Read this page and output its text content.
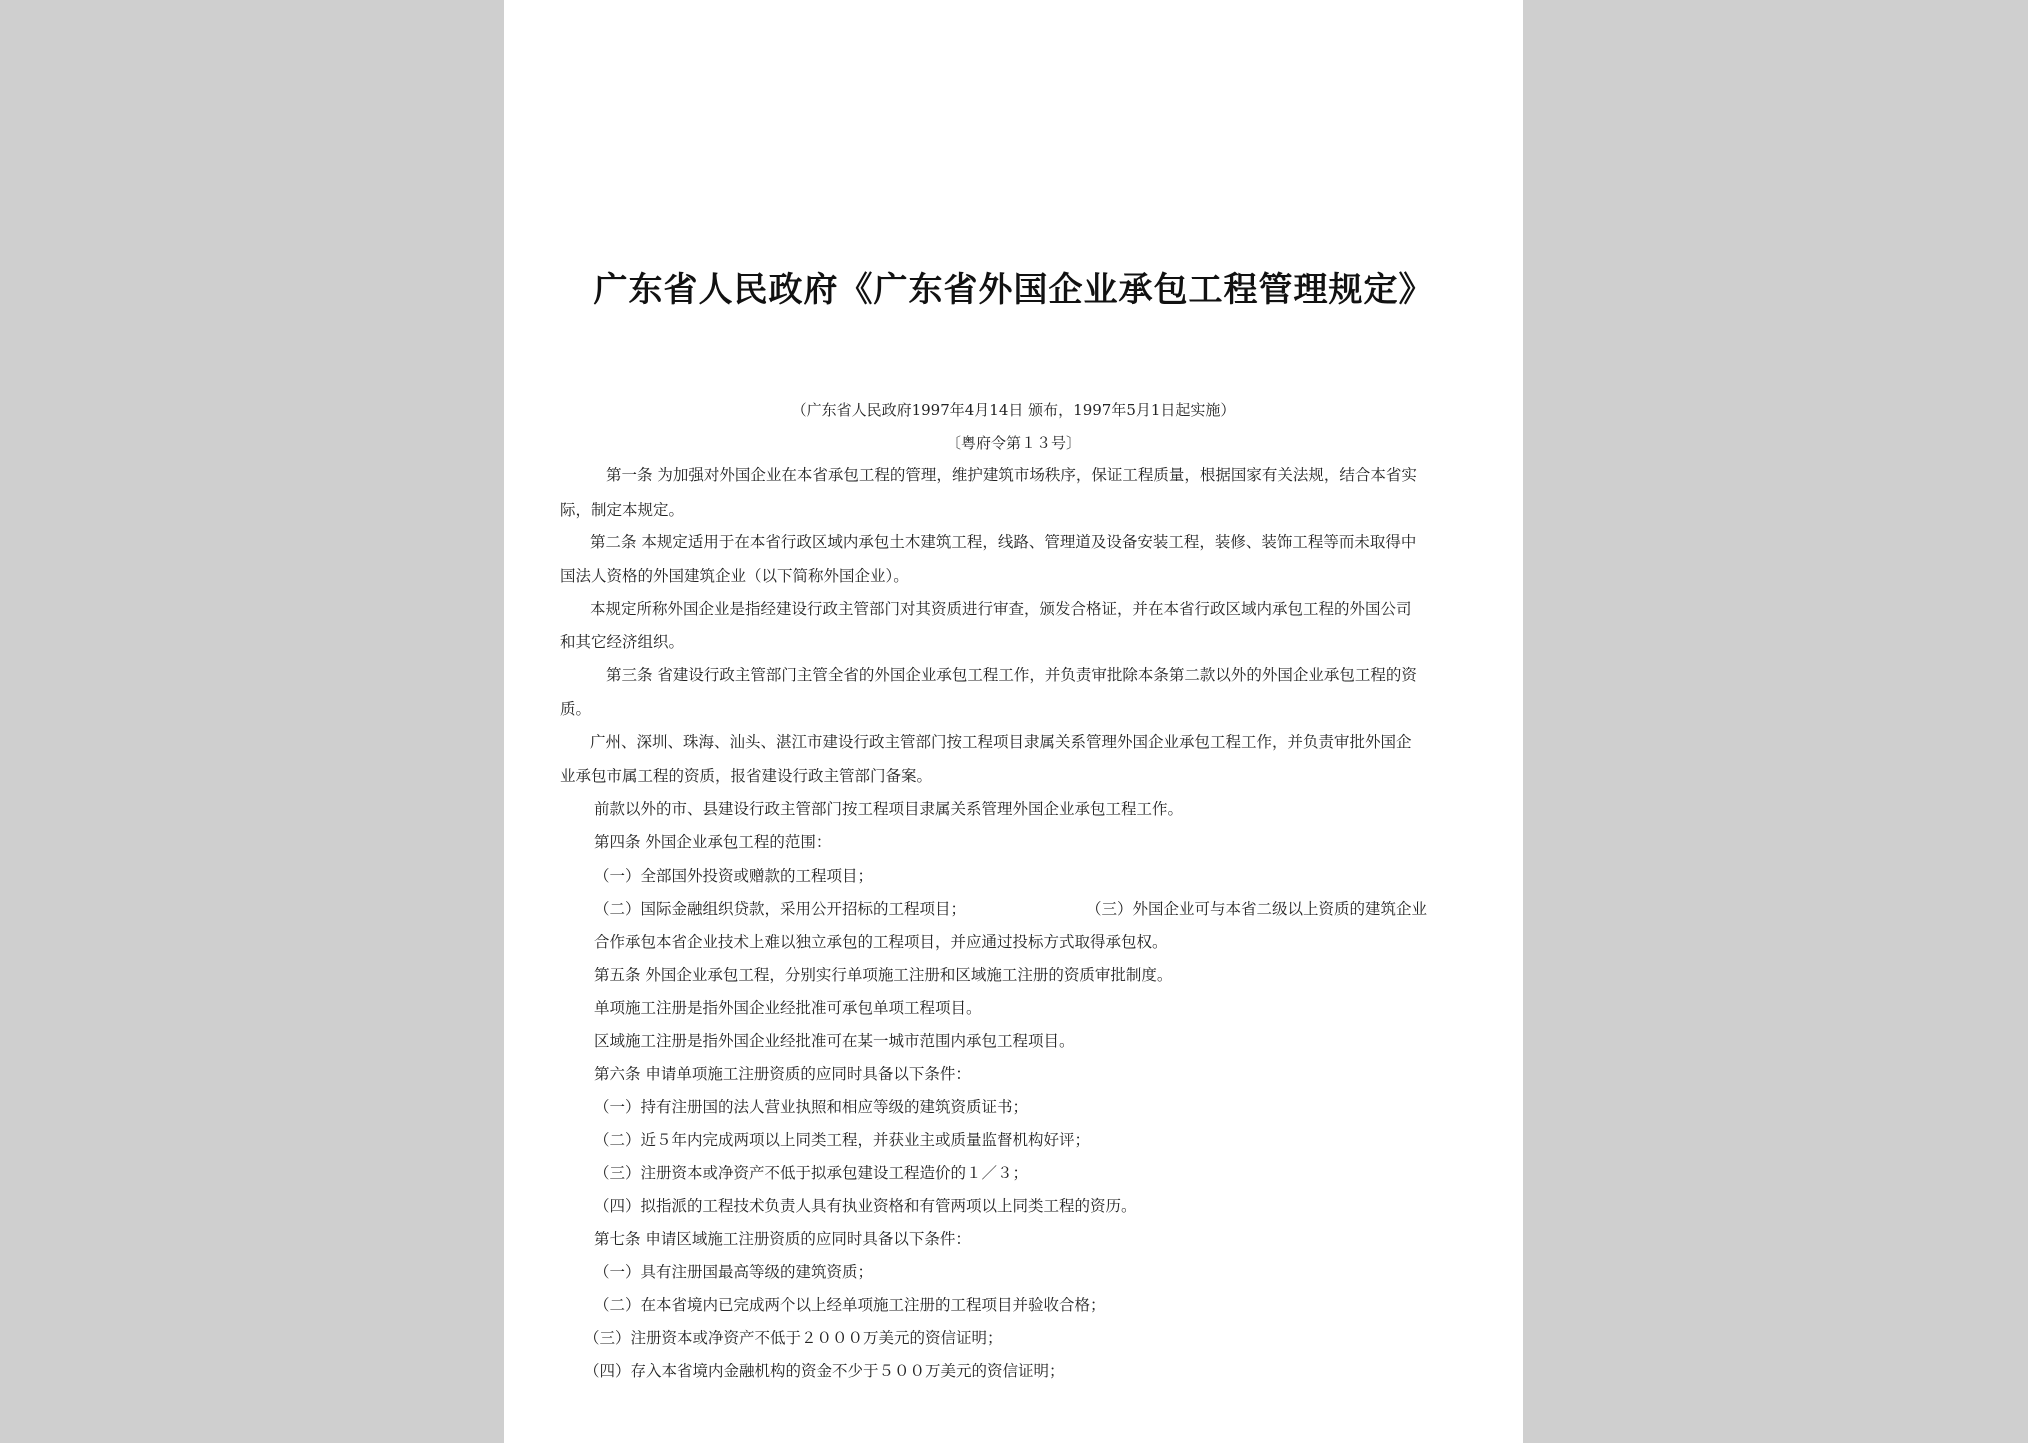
广东省人民政府《广东省外国企业承包工程管理规定》
（广东省人民政府1997年4月14日 颁布，1997年5月1日起实施）
〔粤府令第１３号〕
第一条 为加强对外国企业在本省承包工程的管理，维护建筑市场秩序，保证工程质量，根据国家有关法规，结合本省实
际，制定本规定。
第二条 本规定适用于在本省行政区域内承包土木建筑工程，线路、管理道及设备安装工程，装修、装饰工程等而未取得中
国法人资格的外国建筑企业（以下简称外国企业）。
本规定所称外国企业是指经建设行政主管部门对其资质进行审查，颁发合格证，并在本省行政区域内承包工程的外国公司
和其它经济组织。
第三条 省建设行政主管部门主管全省的外国企业承包工程工作，并负责审批除本条第二款以外的外国企业承包工程的资
质。
广州、深圳、珠海、汕头、湛江市建设行政主管部门按工程项目隶属关系管理外国企业承包工程工作，并负责审批外国企
业承包市属工程的资质，报省建设行政主管部门备案。
前款以外的市、县建设行政主管部门按工程项目隶属关系管理外国企业承包工程工作。
第四条 外国企业承包工程的范围：
（一）全部国外投资或赠款的工程项目；
（二）国际金融组织贷款，采用公开招标的工程项目；	（三）外国企业可与本省二级以上资质的建筑企业
合作承包本省企业技术上难以独立承包的工程项目，并应通过投标方式取得承包权。
第五条 外国企业承包工程，分别实行单项施工注册和区域施工注册的资质审批制度。
单项施工注册是指外国企业经批准可承包单项工程项目。
区域施工注册是指外国企业经批准可在某一城市范围内承包工程项目。
第六条 申请单项施工注册资质的应同时具备以下条件：
（一）持有注册国的法人营业执照和相应等级的建筑资质证书；
（二）近５年内完成两项以上同类工程，并获业主或质量监督机构好评；
（三）注册资本或净资产不低于拟承包建设工程造价的１／３；
（四）拟指派的工程技术负责人具有执业资格和有管两项以上同类工程的资历。
第七条 申请区域施工注册资质的应同时具备以下条件：
（一）具有注册国最高等级的建筑资质；
（二）在本省境内已完成两个以上经单项施工注册的工程项目并验收合格；
（三）注册资本或净资产不低于２０００万美元的资信证明；
（四）存入本省境内金融机构的资金不少于５００万美元的资信证明；
